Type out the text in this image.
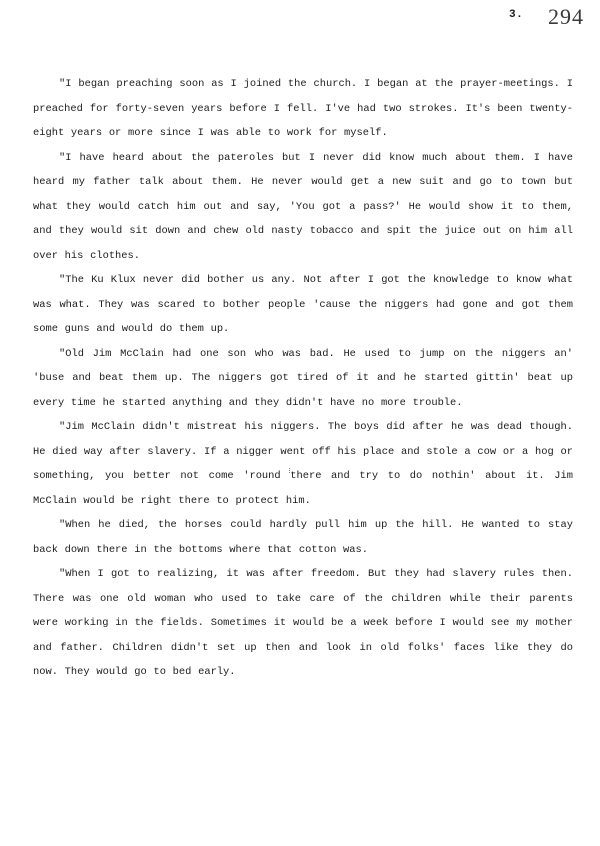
3. 294

"I began preaching soon as I joined the church. I began at the prayer-meetings. I preached for forty-seven years before I fell. I've had two strokes. It's been twenty-eight years or more since I was able to work for myself.

"I have heard about the pateroles but I never did know much about them. I have heard my father talk about them. He never would get a new suit and go to town but what they would catch him out and say, 'You got a pass?' He would show it to them, and they would sit down and chew old nasty tobacco and spit the juice out on him all over his clothes.

"The Ku Klux never did bother us any. Not after I got the knowledge to know what was what. They was scared to bother people 'cause the niggers had gone and got them some guns and would do them up.

"Old Jim McClain had one son who was bad. He used to jump on the niggers an' 'buse and beat them up. The niggers got tired of it and he started gittin' beat up every time he started anything and they didn't have no more trouble.

"Jim McClain didn't mistreat his niggers. The boys did after he was dead though. He died way after slavery. If a nigger went off his place and stole a cow or a hog or something, you better not come 'round there and try to do nothin' about it. Jim McClain would be right there to protect him.

"When he died, the horses could hardly pull him up the hill. He wanted to stay back down there in the bottoms where that cotton was.

"When I got to realizing, it was after freedom. But they had slavery rules then. There was one old woman who used to take care of the children while their parents were working in the fields. Sometimes it would be a week before I would see my mother and father. Children didn't set up then and look in old folks' faces like they do now. They would go to bed early.
